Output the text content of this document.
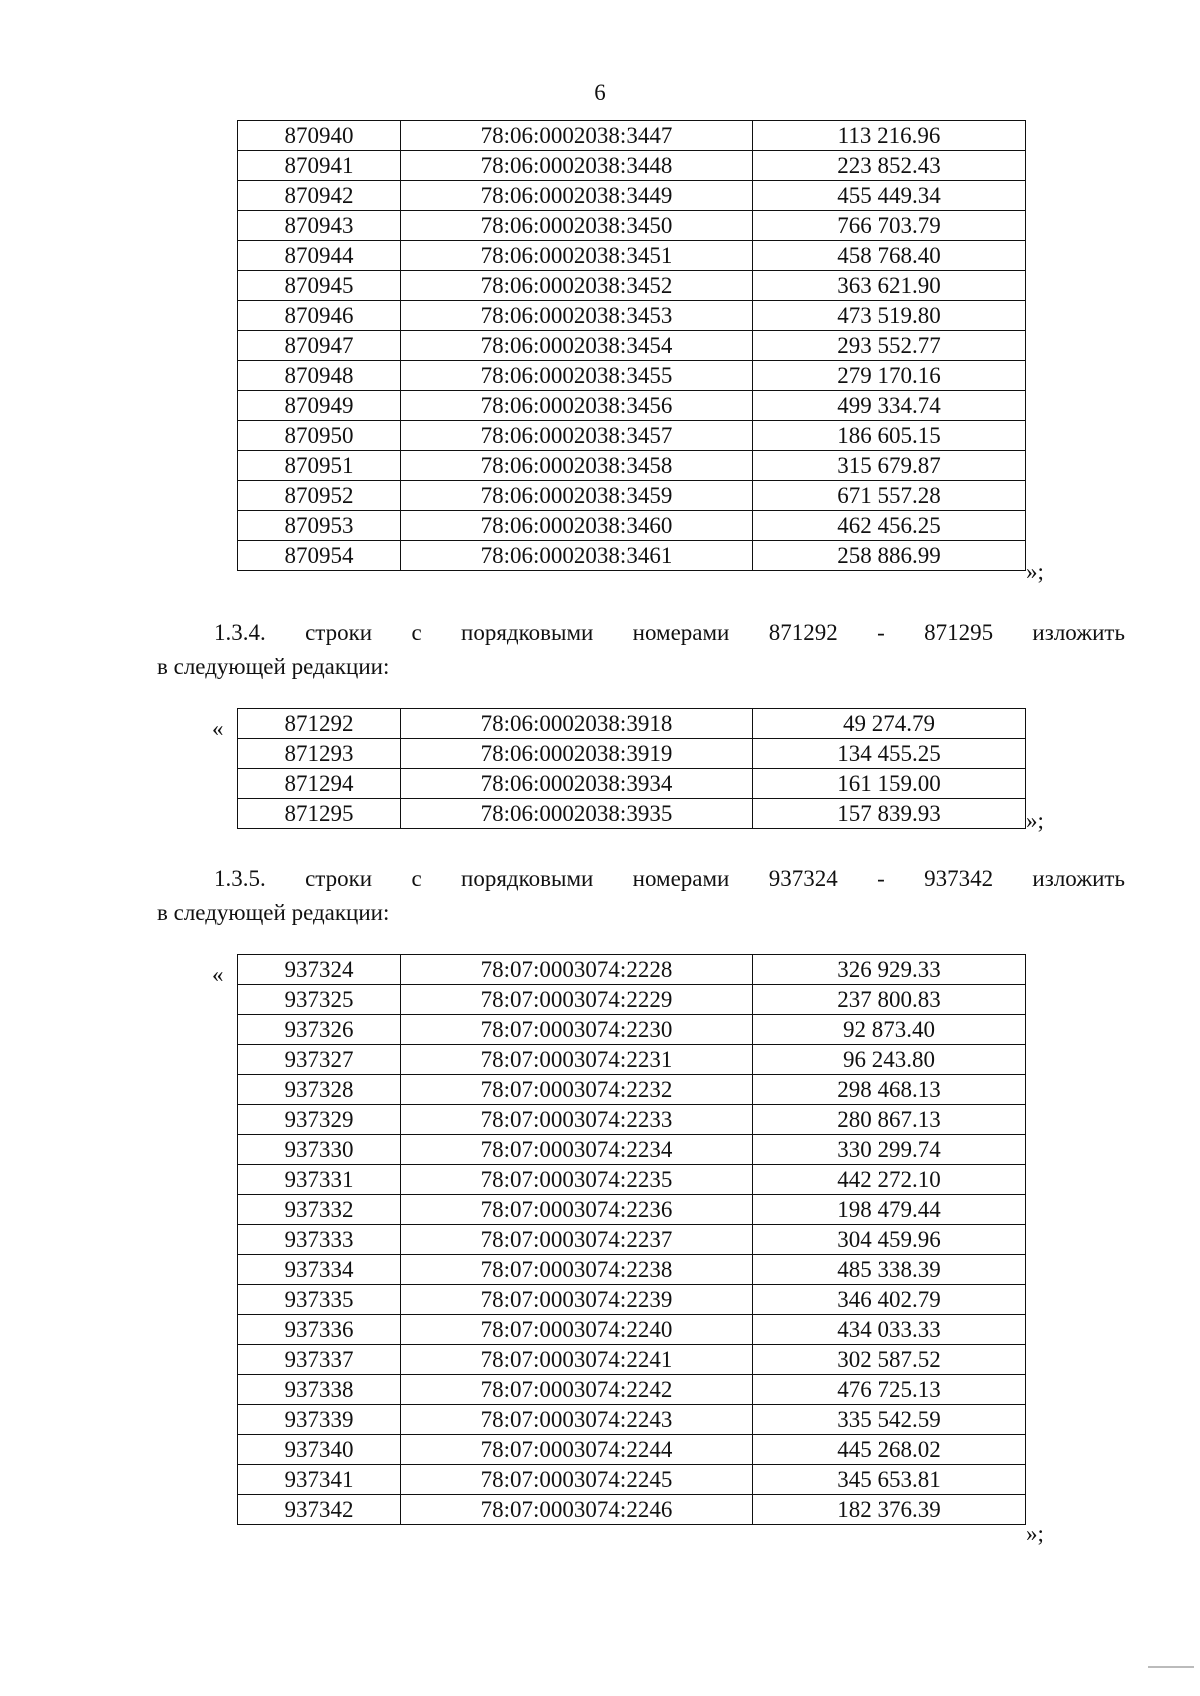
6
870940	78:06:0002038:3447	113 216.96
870941	78:06:0002038:3448	223 852.43
870942	78:06:0002038:3449	455 449.34
870943	78:06:0002038:3450	766 703.79
870944	78:06:0002038:3451	458 768.40
870945	78:06:0002038:3452	363 621.90
870946	78:06:0002038:3453	473 519.80
870947	78:06:0002038:3454	293 552.77
870948	78:06:0002038:3455	279 170.16
870949	78:06:0002038:3456	499 334.74
870950	78:06:0002038:3457	186 605.15
870951	78:06:0002038:3458	315 679.87
870952	78:06:0002038:3459	671 557.28
870953	78:06:0002038:3460	462 456.25
870954	78:06:0002038:3461	258 886.99
»;
1.3.4. строки с порядковыми номерами 871292 - 871295 изложить
в следующей редакции:
«	871292	78:06:0002038:3918	49 274.79
871293	78:06:0002038:3919	134 455.25
871294	78:06:0002038:3934	161 159.00
871295	78:06:0002038:3935	157 839.93	»;
1.3.5. строки с порядковыми номерами 937324 - 937342 изложить
в следующей редакции:
«	937324	78:07:0003074:2228	326 929.33
937325	78:07:0003074:2229	237 800.83
937326	78:07:0003074:2230	92 873.40
937327	78:07:0003074:2231	96 243.80
937328	78:07:0003074:2232	298 468.13
937329	78:07:0003074:2233	280 867.13
937330	78:07:0003074:2234	330 299.74
937331	78:07:0003074:2235	442 272.10
937332	78:07:0003074:2236	198 479.44
937333	78:07:0003074:2237	304 459.96
937334	78:07:0003074:2238	485 338.39
937335	78:07:0003074:2239	346 402.79
937336	78:07:0003074:2240	434 033.33
937337	78:07:0003074:2241	302 587.52
937338	78:07:0003074:2242	476 725.13
937339	78:07:0003074:2243	335 542.59
937340	78:07:0003074:2244	445 268.02
937341	78:07:0003074:2245	345 653.81
937342	78:07:0003074:2246	182 376.39
»;
